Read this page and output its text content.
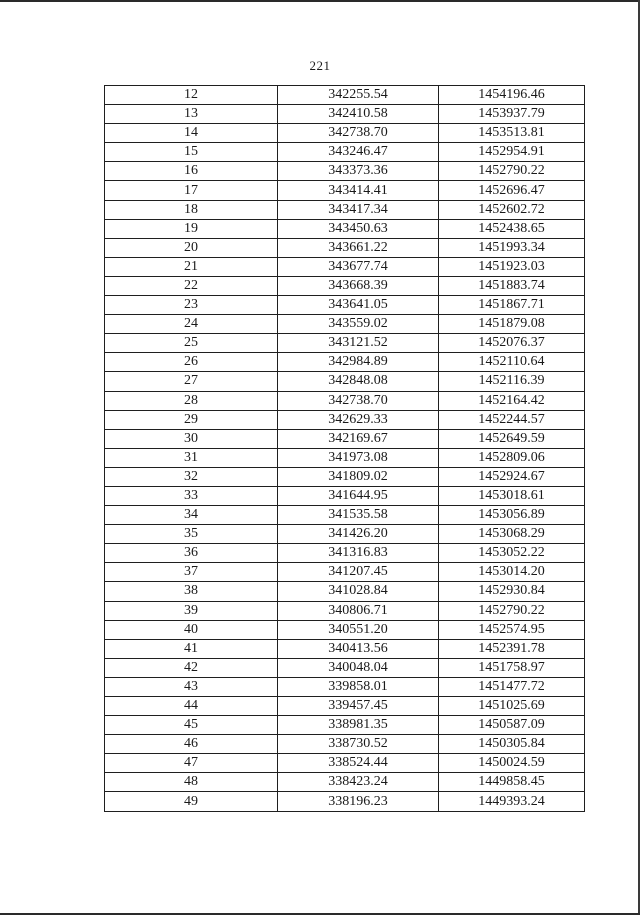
221
12	342255.54	1454196.46
13	342410.58	1453937.79
14	342738.70	1453513.81
15	343246.47	1452954.91
16	343373.36	1452790.22
17	343414.41	1452696.47
18	343417.34	1452602.72
19	343450.63	1452438.65
20	343661.22	1451993.34
21	343677.74	1451923.03
22	343668.39	1451883.74
23	343641.05	1451867.71
24	343559.02	1451879.08
25	343121.52	1452076.37
26	342984.89	1452110.64
27	342848.08	1452116.39
28	342738.70	1452164.42
29	342629.33	1452244.57
30	342169.67	1452649.59
31	341973.08	1452809.06
32	341809.02	1452924.67
33	341644.95	1453018.61
34	341535.58	1453056.89
35	341426.20	1453068.29
36	341316.83	1453052.22
37	341207.45	1453014.20
38	341028.84	1452930.84
39	340806.71	1452790.22
40	340551.20	1452574.95
41	340413.56	1452391.78
42	340048.04	1451758.97
43	339858.01	1451477.72
44	339457.45	1451025.69
45	338981.35	1450587.09
46	338730.52	1450305.84
47	338524.44	1450024.59
48	338423.24	1449858.45
49	338196.23	1449393.24
